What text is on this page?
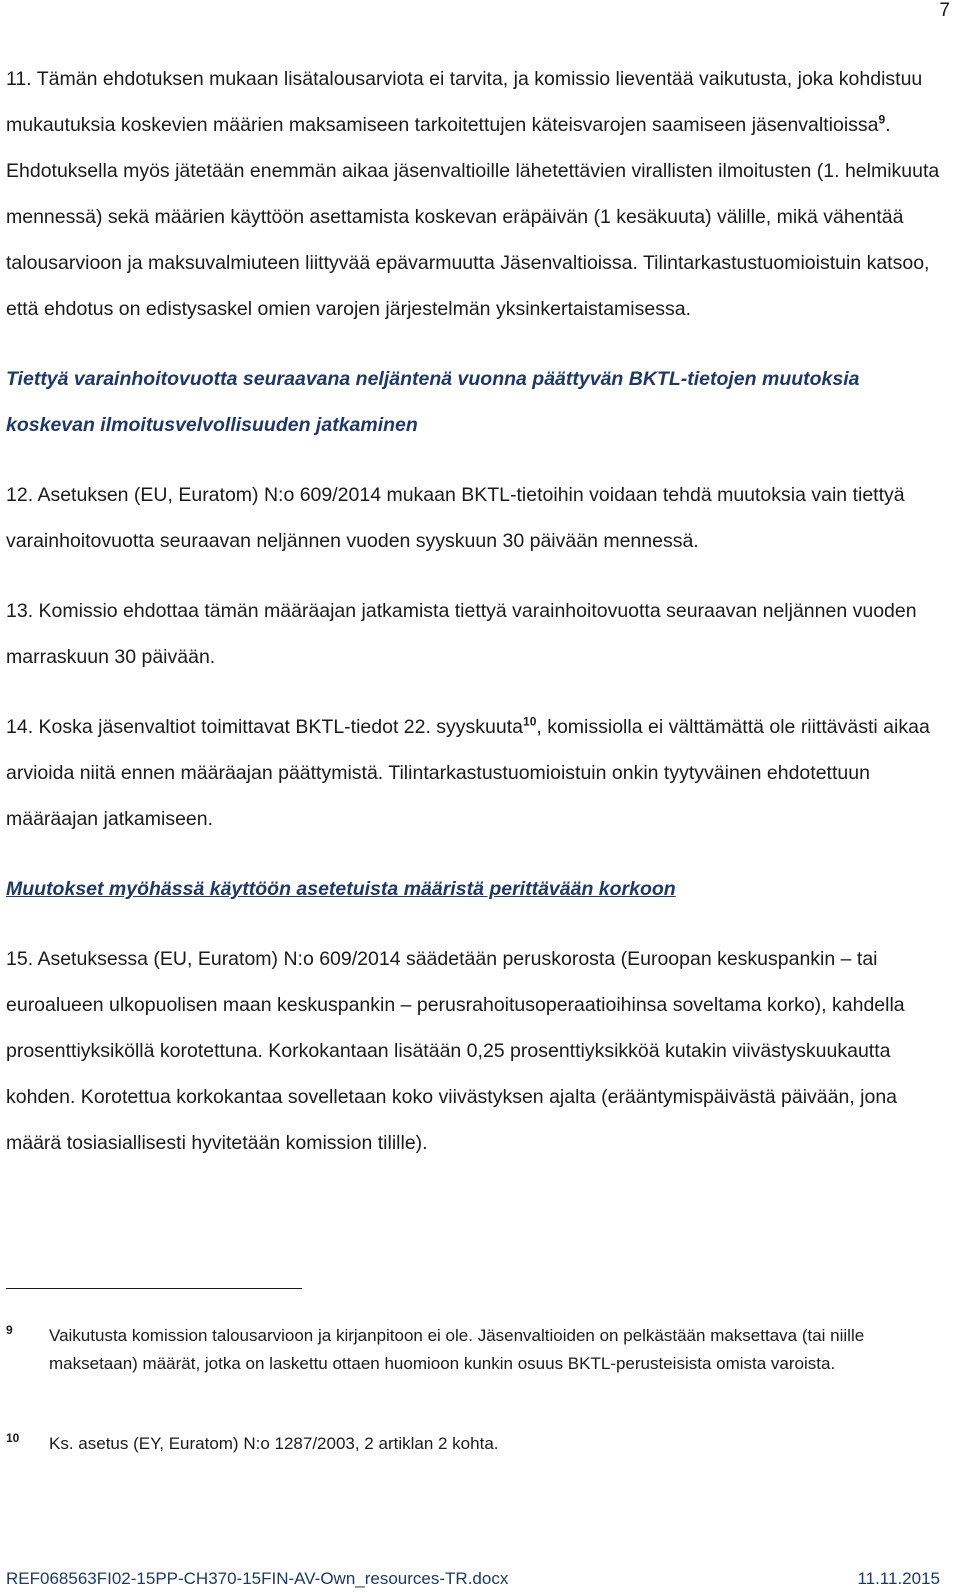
7

11. Tämän ehdotuksen mukaan lisätalousarviota ei tarvita, ja komissio lieventää vaikutusta, joka kohdistuu mukautuksia koskevien määrien maksamiseen tarkoitettujen käteisvarojen saamiseen jäsenvaltioissa$^9$. Ehdotuksella myös jätetään enemmän aikaa jäsenvaltioille lähetettävien virallisten ilmoitusten (1. helmikuuta mennessä) sekä määrien käyttöön asettamista koskevan eräpäivän (1 kesäkuuta) välille, mikä vähentää talousarvioon ja maksuvalmiuteen liittyvää epävarmuutta Jäsenvaltioissa. Tilintarkastustuomioistuin katsoo, että ehdotus on edistysaskel omien varojen järjestelmän yksinkertaistamisessa.

Tiettyä varainhoitovuotta seuraavana neljäntenä vuonna päättyvän BKTL-tietojen muutoksia koskevan ilmoitusvelvollisuuden jatkaminen

12. Asetuksen (EU, Euratom) N:o 609/2014 mukaan BKTL-tietoihin voidaan tehdä muutoksia vain tiettyä varainhoitovuotta seuraavan neljännen vuoden syyskuun 30 päivään mennessä.

13. Komissio ehdottaa tämän määräajan jatkamista tiettyä varainhoitovuotta seuraavan neljännen vuoden marraskuun 30 päivään.

14. Koska jäsenvaltiot toimittavat BKTL-tiedot 22. syyskuuta$^{10}$, komissiolla ei välttämättä ole riittävästi aikaa arvioida niitä ennen määräajan päättymistä. Tilintarkastustuomioistuin onkin tyytyväinen ehdotettuun määräajan jatkamiseen.

Muutokset myöhässä käyttöön asetetuista määristä perittävään korkoon

15. Asetuksessa (EU, Euratom) N:o 609/2014 säädetään peruskorosta (Euroopan keskuspankin – tai euroalueen ulkopuolisen maan keskuspankin – perusrahoitusoperaatioihinsa soveltama korko), kahdella prosenttiyksiköllä korotettuna. Korkokantaan lisätään 0,25 prosenttiyksikköä kutakin viivästyskuukautta kohden. Korotettua korkokantaa sovelletaan koko viivästyksen ajalta (erääntymispäivästä päivään, jona määrä tosiasiallisesti hyvitetään komission tilille).

9 Vaikutusta komission talousarvioon ja kirjanpitoon ei ole. Jäsenvaltioiden on pelkästään maksettava (tai niille maksetaan) määrät, jotka on laskettu ottaen huomioon kunkin osuus BKTL-perusteisista omista varoista.
10 Ks. asetus (EY, Euratom) N:o 1287/2003, 2 artiklan 2 kohta.
REF068563FI02-15PP-CH370-15FIN-AV-Own_resources-TR.docx	11.11.2015
